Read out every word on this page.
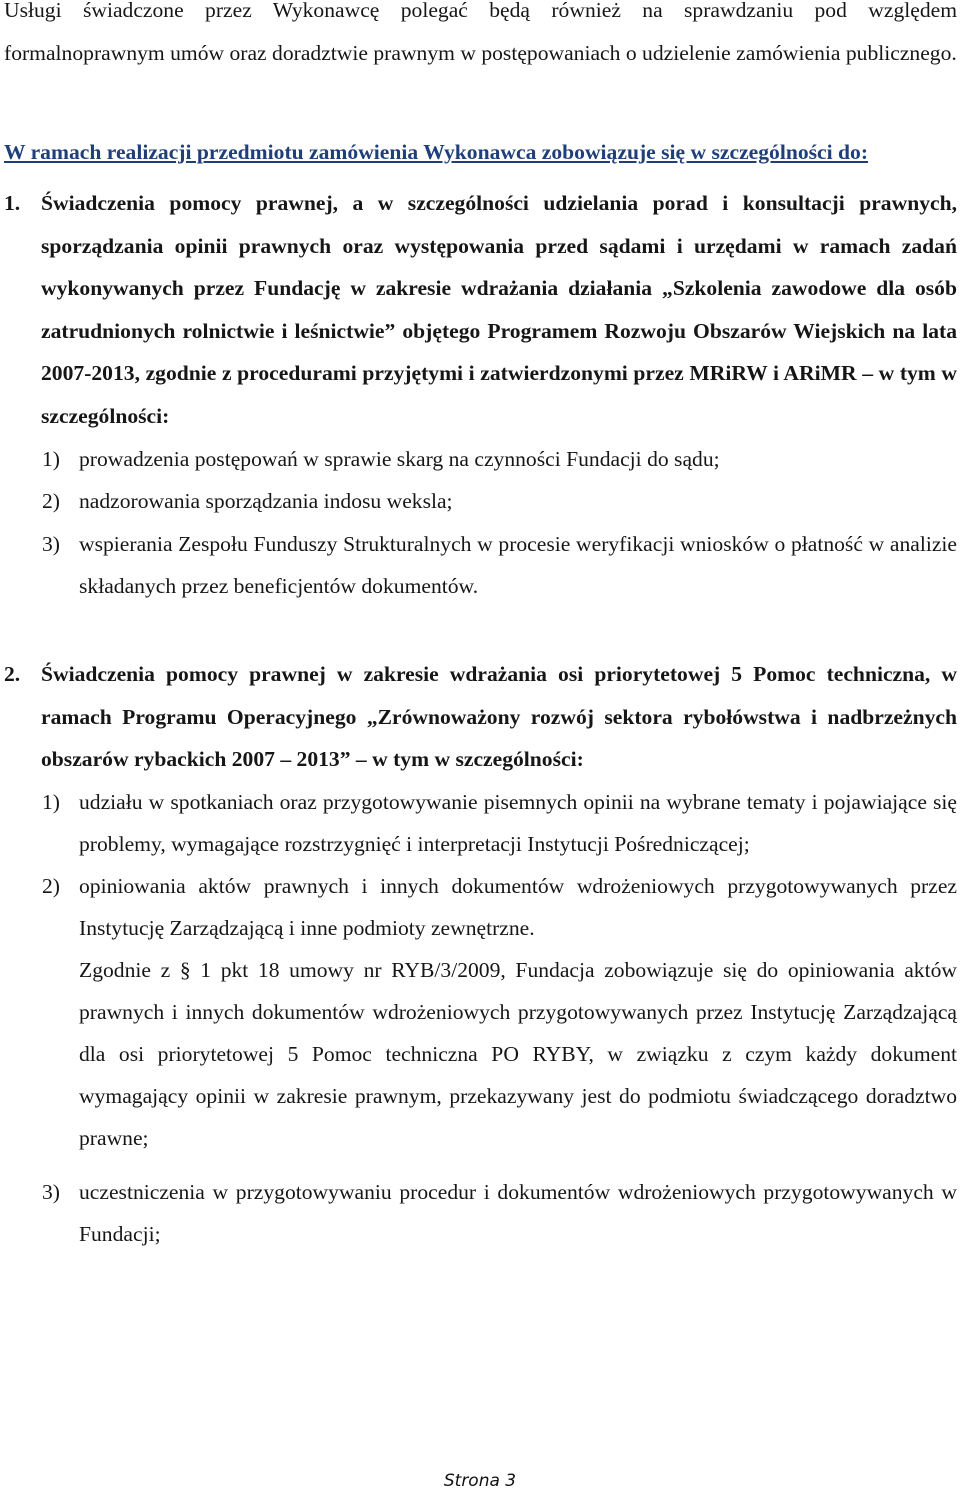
Usługi świadczone przez Wykonawcę polegać będą również na sprawdzaniu pod względem formalnoprawnym umów oraz doradztwie prawnym w postępowaniach o udzielenie zamówienia publicznego.

W ramach realizacji przedmiotu zamówienia Wykonawca zobowiązuje się w szczególności do:

1. Świadczenia pomocy prawnej, a w szczególności udzielania porad i konsultacji prawnych, sporządzania opinii prawnych oraz występowania przed sądami i urzędami w ramach zadań wykonywanych przez Fundację w zakresie wdrażania działania „Szkolenia zawodowe dla osób zatrudnionych rolnictwie i leśnictwie” objętego Programem Rozwoju Obszarów Wiejskich na lata 2007-2013, zgodnie z procedurami przyjętymi i zatwierdzonymi przez MRiRW i ARiMR – w tym w szczególności:
1) prowadzenia postępowań w sprawie skarg na czynności Fundacji do sądu;
2) nadzorowania sporządzania indosu weksla;
3) wspierania Zespołu Funduszy Strukturalnych w procesie weryfikacji wniosków o płatność w analizie składanych przez beneficjentów dokumentów.
2. Świadczenia pomocy prawnej w zakresie wdrażania osi priorytetowej 5 Pomoc techniczna, w ramach Programu Operacyjnego „Zrównoważony rozwój sektora rybołówstwa i nadbrzeżnych obszarów rybackich 2007 – 2013” – w tym w szczególności:
1) udziału w spotkaniach oraz przygotowywanie pisemnych opinii na wybrane tematy i pojawiające się problemy, wymagające rozstrzygnięć i interpretacji Instytucji Pośredniczącej;
2) opiniowania aktów prawnych i innych dokumentów wdrożeniowych przygotowywanych przez Instytucję Zarządzającą i inne podmioty zewnętrzne.
Zgodnie z § 1 pkt 18 umowy nr RYB/3/2009, Fundacja zobowiązuje się do opiniowania aktów prawnych i innych dokumentów wdrożeniowych przygotowywanych przez Instytucję Zarządzającą dla osi priorytetowej 5 Pomoc techniczna PO RYBY, w związku z czym każdy dokument wymagający opinii w zakresie prawnym, przekazywany jest do podmiotu świadczącego doradztwo prawne;
3) uczestniczenia w przygotowywaniu procedur i dokumentów wdrożeniowych przygotowywanych w Fundacji;
Strona 3
